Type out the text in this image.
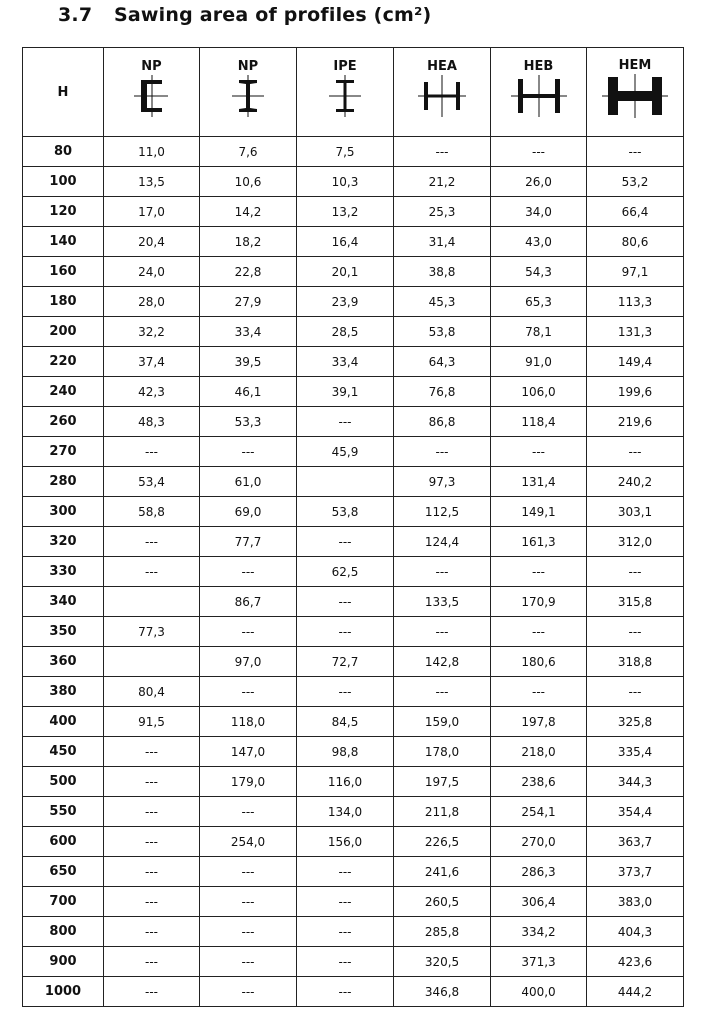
3.7 Sawing area of profiles (cm²)
H	NP	NP	IPE	HEA	HEB	HEM

80	11,0	7,6	7,5	---	---	---
100	13,5	10,6	10,3	21,2	26,0	53,2
120	17,0	14,2	13,2	25,3	34,0	66,4
140	20,4	18,2	16,4	31,4	43,0	80,6
160	24,0	22,8	20,1	38,8	54,3	97,1
180	28,0	27,9	23,9	45,3	65,3	113,3
200	32,2	33,4	28,5	53,8	78,1	131,3
220	37,4	39,5	33,4	64,3	91,0	149,4
240	42,3	46,1	39,1	76,8	106,0	199,6
260	48,3	53,3	---	86,8	118,4	219,6
270	---	---	45,9	---	---	---
280	53,4	61,0		97,3	131,4	240,2
300	58,8	69,0	53,8	112,5	149,1	303,1
320	---	77,7	---	124,4	161,3	312,0
330	---	---	62,5	---	---	---
340		86,7	---	133,5	170,9	315,8
350	77,3	---	---	---	---	---
360		97,0	72,7	142,8	180,6	318,8
380	80,4	---	---	---	---	---
400	91,5	118,0	84,5	159,0	197,8	325,8
450	---	147,0	98,8	178,0	218,0	335,4
500	---	179,0	116,0	197,5	238,6	344,3
550	---	---	134,0	211,8	254,1	354,4
600	---	254,0	156,0	226,5	270,0	363,7
650	---	---	---	241,6	286,3	373,7
700	---	---	---	260,5	306,4	383,0
800	---	---	---	285,8	334,2	404,3
900	---	---	---	320,5	371,3	423,6
1000	---	---	---	346,8	400,0	444,2
